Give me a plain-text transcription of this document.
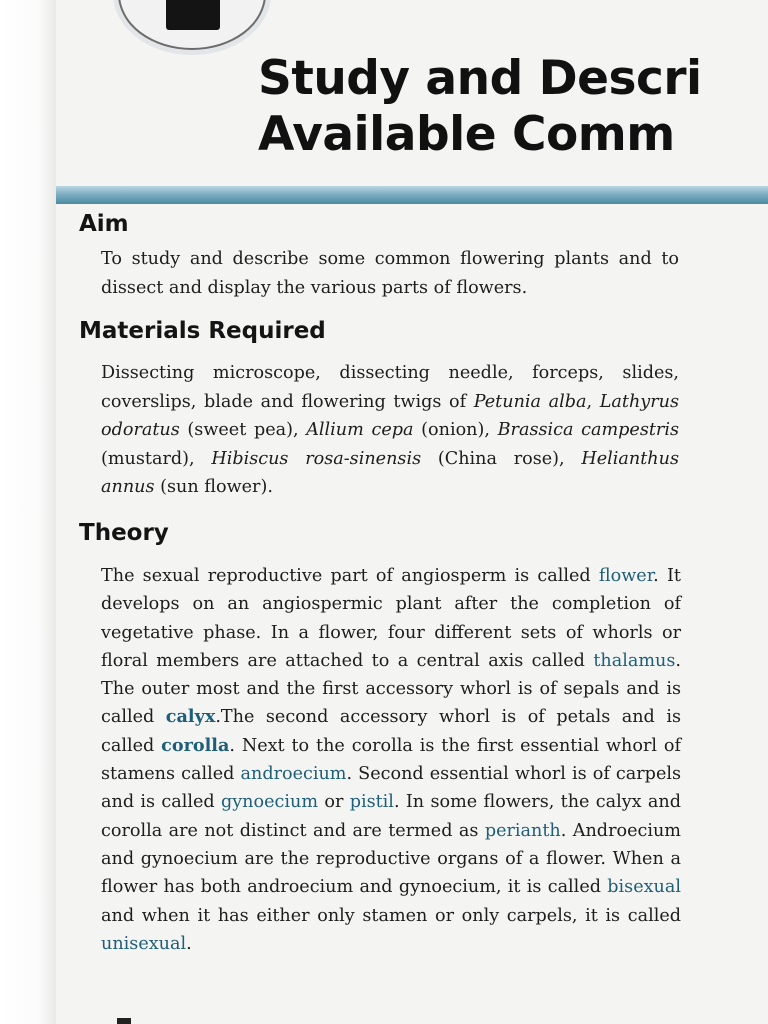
Study and Descri
Available Comm
Aim

To study and describe some common flowering plants and to dissect and display the various parts of flowers.

Materials Required

Dissecting microscope, dissecting needle, forceps, slides, coverslips, blade and flowering twigs of Petunia alba, Lathyrus odoratus (sweet pea), Allium cepa (onion), Brassica campestris (mustard), Hibiscus rosa-sinensis (China rose), Helianthus annus (sun flower).

Theory

The sexual reproductive part of angiosperm is called flower. It develops on an angiospermic plant after the completion of vegetative phase. In a flower, four different sets of whorls or floral members are attached to a central axis called thalamus. The outer most and the first accessory whorl is of sepals and is called calyx.The second accessory whorl is of petals and is called corolla. Next to the corolla is the first essential whorl of stamens called androecium. Second essential whorl is of carpels and is called gynoecium or pistil. In some flowers, the calyx and corolla are not distinct and are termed as perianth. Androecium and gynoecium are the reproductive organs of a flower. When a flower has both androecium and gynoecium, it is called bisexual and when it has either only stamen or only carpels, it is called unisexual.
